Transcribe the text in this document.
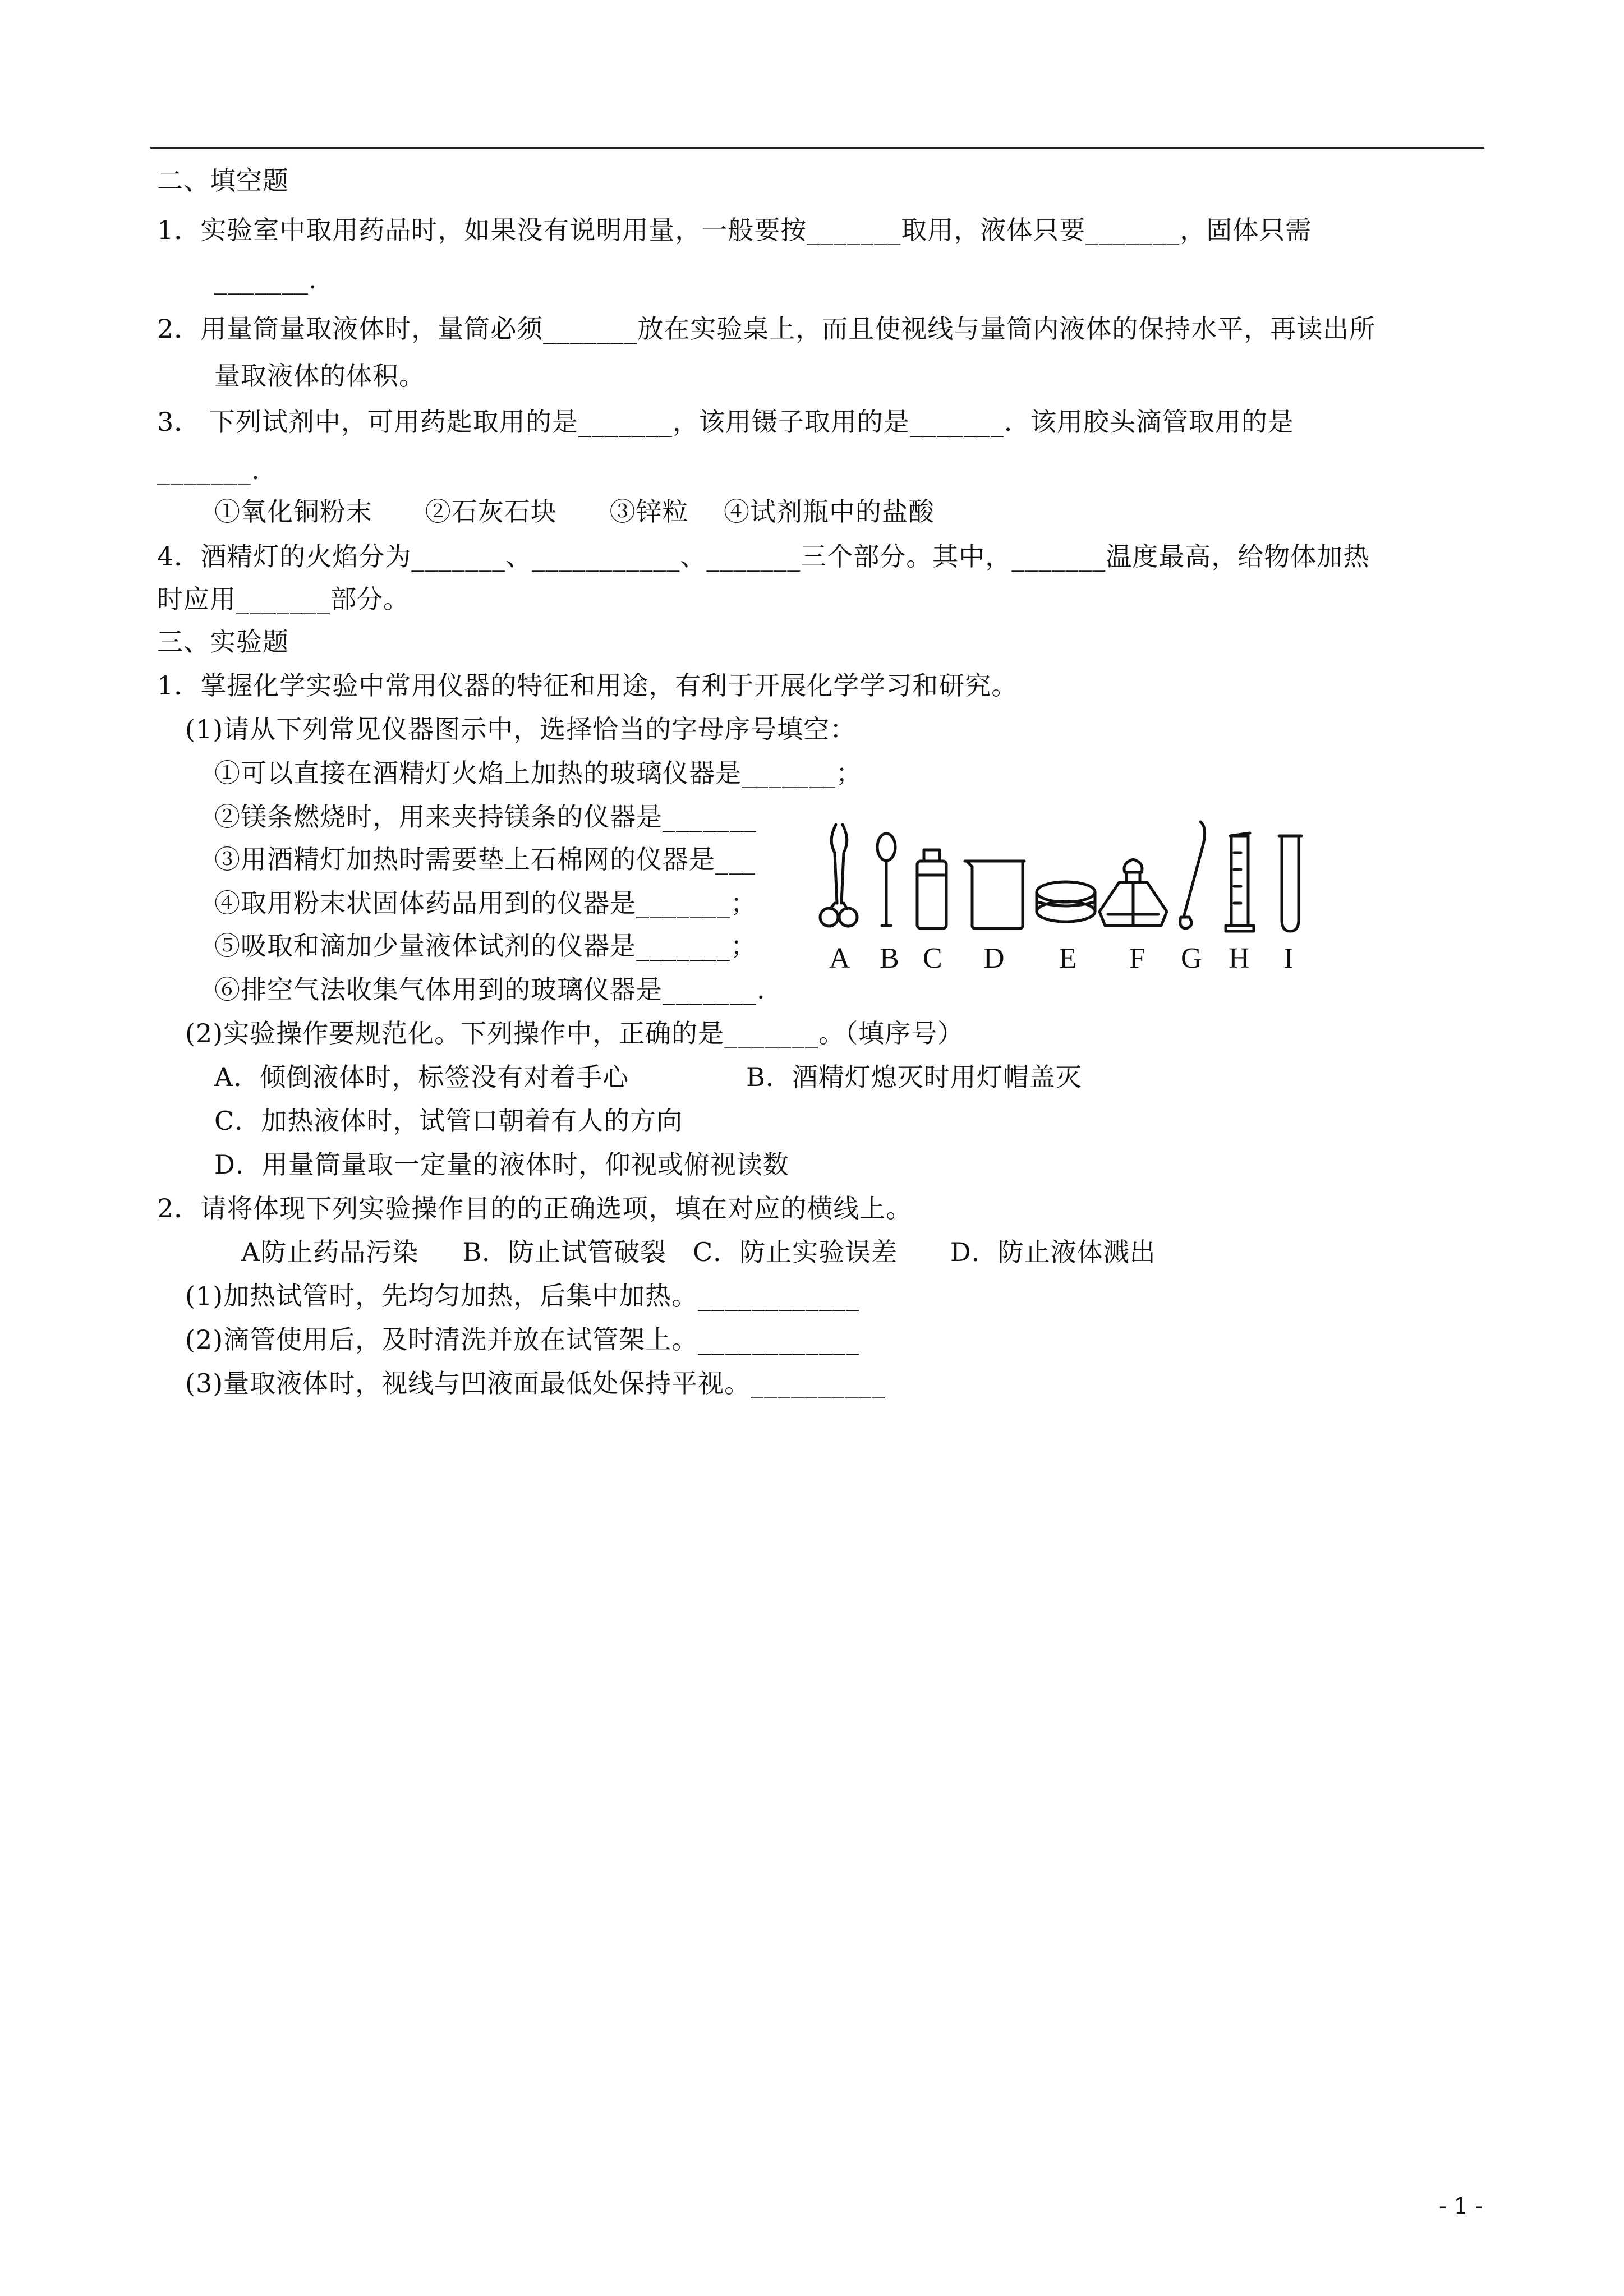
二、填空题
1．实验室中取用药品时，如果没有说明用量，一般要按_______取用，液体只要_______，固体只需
_______.
2．用量筒量取液体时，量筒必须_______放在实验桌上，而且使视线与量筒内液体的保持水平，再读出所
量取液体的体积。
3． 下列试剂中，可用药匙取用的是_______，该用镊子取用的是_______．该用胶头滴管取用的是
_______.
①氧化铜粉末      ②石灰石块      ③锌粒    ④试剂瓶中的盐酸
4．酒精灯的火焰分为_______、___________、_______三个部分。其中，_______温度最高，给物体加热
时应用_______部分。
三、实验题
1．掌握化学实验中常用仪器的特征和用途，有利于开展化学学习和研究。
(1)请从下列常见仪器图示中，选择恰当的字母序号填空：
①可以直接在酒精灯火焰上加热的玻璃仪器是_______；
②镁条燃烧时，用来夹持镁条的仪器是_______
③用酒精灯加热时需要垫上石棉网的仪器是___
④取用粉末状固体药品用到的仪器是_______；
⑤吸取和滴加少量液体试剂的仪器是_______；
⑥排空气法收集气体用到的玻璃仪器是_______.
A B C D E F G H I
(2)实验操作要规范化。下列操作中，正确的是_______。（填序号）
A．倾倒液体时，标签没有对着手心	B．酒精灯熄灭时用灯帽盖灭
C．加热液体时，试管口朝着有人的方向
D．用量筒量取一定量的液体时，仰视或俯视读数
2．请将体现下列实验操作目的的正确选项，填在对应的横线上。
A防止药品污染     B．防止试管破裂   C．防止实验误差      D．防止液体溅出
(1)加热试管时，先均匀加热，后集中加热。____________
(2)滴管使用后，及时清洗并放在试管架上。____________
(3)量取液体时，视线与凹液面最低处保持平视。__________
- 1 -
